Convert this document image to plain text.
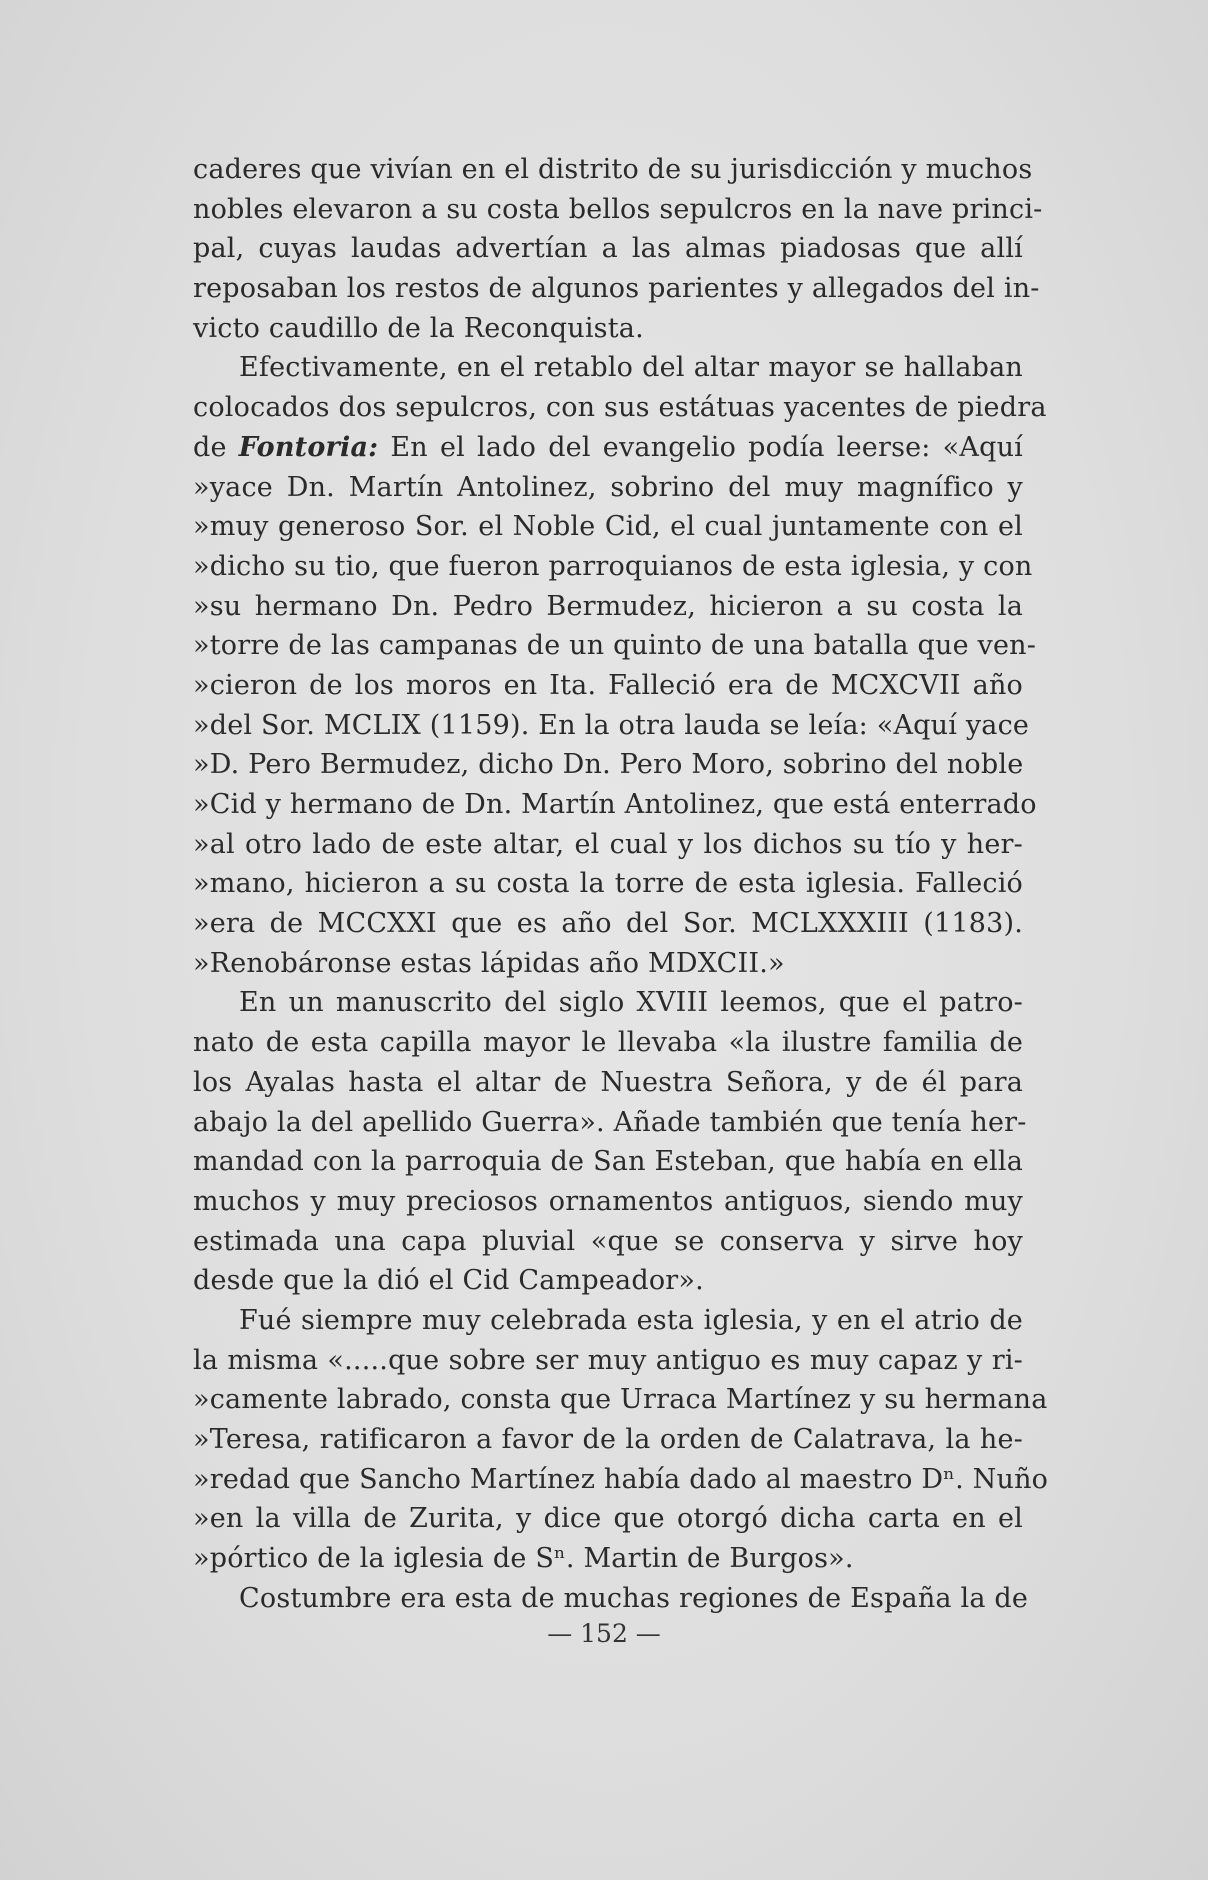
caderes que vivían en el distrito de su jurisdicción y muchos
nobles elevaron a su costa bellos sepulcros en la nave princi-
pal, cuyas laudas advertían a las almas piadosas que allí
reposaban los restos de algunos parientes y allegados del in-
victo caudillo de la Reconquista.
Efectivamente, en el retablo del altar mayor se hallaban
colocados dos sepulcros, con sus estátuas yacentes de piedra
de Fontoria: En el lado del evangelio podía leerse: «Aquí
»yace Dn. Martín Antolinez, sobrino del muy magnífico y
»muy generoso Sor. el Noble Cid, el cual juntamente con el
»dicho su tio, que fueron parroquianos de esta iglesia, y con
»su hermano Dn. Pedro Bermudez, hicieron a su costa la
»torre de las campanas de un quinto de una batalla que ven-
»cieron de los moros en Ita. Falleció era de MCXCVII año
»del Sor. MCLIX (1159). En la otra lauda se leía: «Aquí yace
»D. Pero Bermudez, dicho Dn. Pero Moro, sobrino del noble
»Cid y hermano de Dn. Martín Antolinez, que está enterrado
»al otro lado de este altar, el cual y los dichos su tío y her-
»mano, hicieron a su costa la torre de esta iglesia. Falleció
»era de MCCXXI que es año del Sor. MCLXXXIII (1183).
»Renobáronse estas lápidas año MDXCII.»
En un manuscrito del siglo XVIII leemos, que el patro-
nato de esta capilla mayor le llevaba «la ilustre familia de
los Ayalas hasta el altar de Nuestra Señora, y de él para
abajo la del apellido Guerra». Añade también que tenía her-
mandad con la parroquia de San Esteban, que había en ella
muchos y muy preciosos ornamentos antiguos, siendo muy
estimada una capa pluvial «que se conserva y sirve hoy
desde que la dió el Cid Campeador».
Fué siempre muy celebrada esta iglesia, y en el atrio de
la misma «.....que sobre ser muy antiguo es muy capaz y ri-
»camente labrado, consta que Urraca Martínez y su hermana
»Teresa, ratificaron a favor de la orden de Calatrava, la he-
»redad que Sancho Martínez había dado al maestro Dⁿ. Nuño
»en la villa de Zurita, y dice que otorgó dicha carta en el
»pórtico de la iglesia de Sⁿ. Martin de Burgos».
Costumbre era esta de muchas regiones de España la de
— 152 —
